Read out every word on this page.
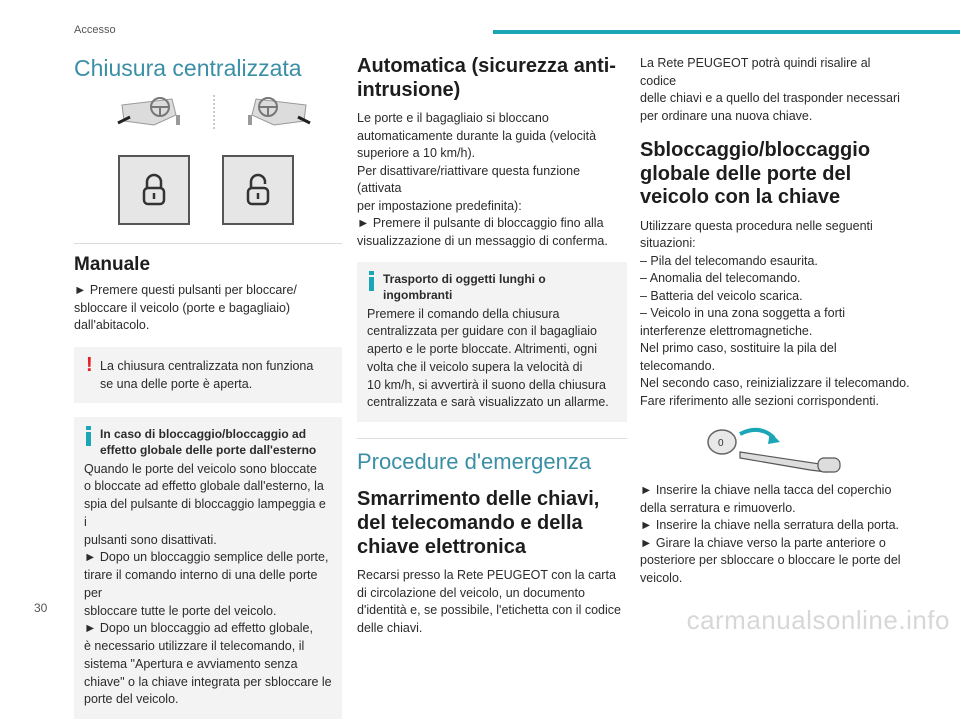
Accesso
Chiusura centralizzata
Manuale

► Premere questi pulsanti per bloccare/
sbloccare il veicolo (porte e bagagliaio)
dall'abitacolo.

! La chiusura centralizzata non funziona
se una delle porte è aperta.

In caso di bloccaggio/bloccaggio ad
effetto globale delle porte dall'esterno

Quando le porte del veicolo sono bloccate
o bloccate ad effetto globale dall'esterno, la
spia del pulsante di bloccaggio lampeggia e i
pulsanti sono disattivati.
► Dopo un bloccaggio semplice delle porte,
tirare il comando interno di una delle porte per
sbloccare tutte le porte del veicolo.
► Dopo un bloccaggio ad effetto globale,
è necessario utilizzare il telecomando, il
sistema "Apertura e avviamento senza
chiave" o la chiave integrata per sbloccare le
porte del veicolo.

Automatica (sicurezza anti-intrusione)

Le porte e il bagagliaio si bloccano
automaticamente durante la guida (velocità
superiore a 10 km/h).
Per disattivare/riattivare questa funzione (attivata
per impostazione predefinita):
► Premere il pulsante di bloccaggio fino alla
visualizzazione di un messaggio di conferma.

Trasporto di oggetti lunghi o
ingombranti

Premere il comando della chiusura
centralizzata per guidare con il bagagliaio
aperto e le porte bloccate. Altrimenti, ogni
volta che il veicolo supera la velocità di
10 km/h, si avvertirà il suono della chiusura
centralizzata e sarà visualizzato un allarme.

Procedure d'emergenza
Smarrimento delle chiavi, del telecomando e della chiave elettronica

Recarsi presso la Rete PEUGEOT con la carta
di circolazione del veicolo, un documento
d'identità e, se possibile, l'etichetta con il codice
delle chiavi.

La Rete PEUGEOT potrà quindi risalire al codice
delle chiavi e a quello del trasponder necessari
per ordinare una nuova chiave.

Sbloccaggio/bloccaggio globale delle porte del veicolo con la chiave

Utilizzare questa procedura nelle seguenti
situazioni:
– Pila del telecomando esaurita.
– Anomalia del telecomando.
– Batteria del veicolo scarica.
– Veicolo in una zona soggetta a forti
interferenze elettromagnetiche.
Nel primo caso, sostituire la pila del
telecomando.
Nel secondo caso, reinizializzare il telecomando.
Fare riferimento alle sezioni corrispondenti.

0

► Inserire la chiave nella tacca del coperchio
della serratura e rimuoverlo.
► Inserire la chiave nella serratura della porta.
► Girare la chiave verso la parte anteriore o
posteriore per sbloccare o bloccare le porte del
veicolo.

30	carmanualsonline.info
